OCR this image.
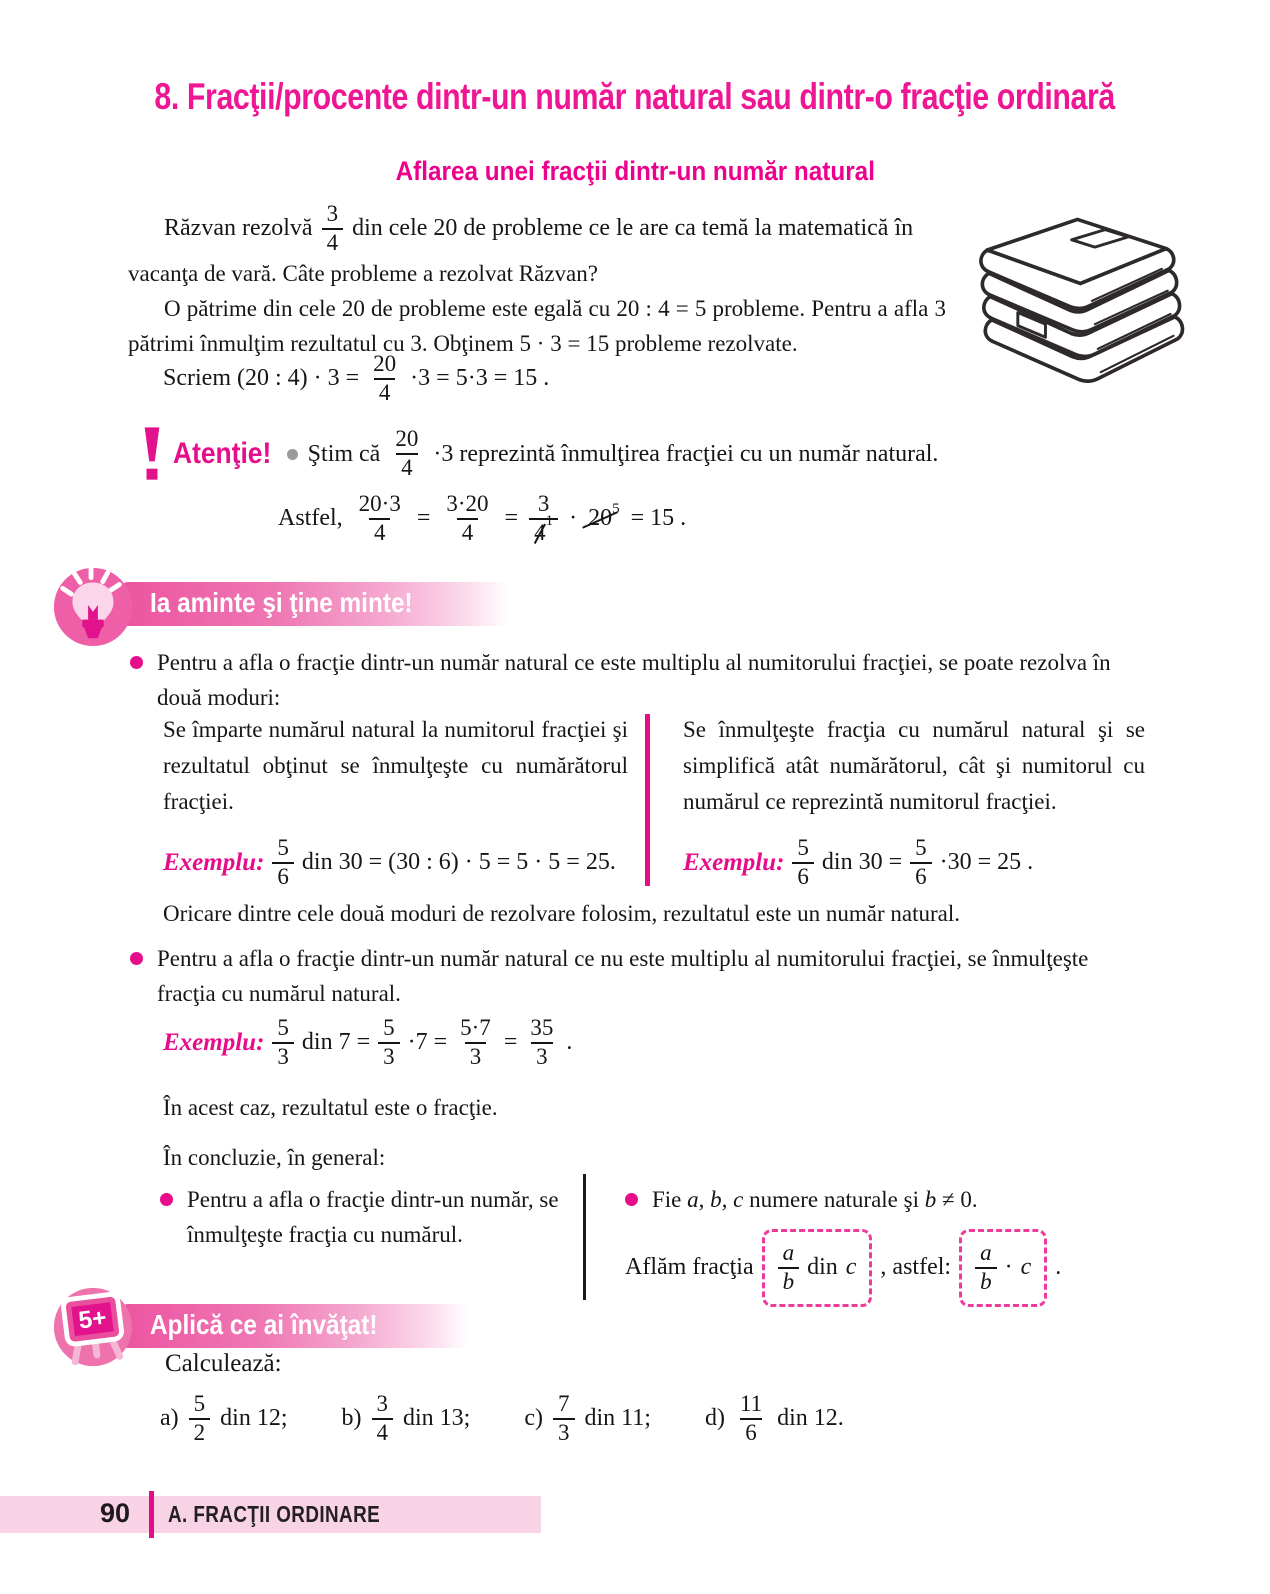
8. Fracţii/procente dintr-un număr natural sau dintr-o fracţie ordinară
Aflarea unei fracţii dintr-un număr natural
Răzvan rezolvă $\frac{3}{4}$ din cele 20 de probleme ce le are ca temă la matematică în
vacanţa de vară. Câte probleme a rezolvat Răzvan?
O pătrime din cele 20 de probleme este egală cu 20 : 4 = 5 probleme. Pentru a afla 3 pătrimi înmulţim rezultatul cu 3. Obţinem 5 · 3 = 15 probleme rezolvate.
Scriem (20 : $4) \cdot 3 = \frac{20}{4} \cdot 3 = 5\cdot 3 = 15$ .
Atenţie! Ştim că $\frac{20}{4} \cdot 3$ reprezintă înmulţirea fracţiei cu un număr natural.
Astfel, $\frac{20\cdot 3}{4} = \frac{3\cdot 20}{4} = \frac{3}{4 1} \cdot 20^5 = 15$ .
Ia aminte şi ţine minte!
Pentru a afla o fracţie dintr-un număr natural ce este multiplu al numitorului fracţiei, se poate rezolva în două moduri:
Se împarte numărul natural la numitorul fracţiei şi rezultatul obţinut se înmulţeşte cu numărătorul fracţiei.
Exemplu: $\frac{5}{6}$ din 30 = (30 : 6) · 5 = 5 · 5 = 25.
Se înmulţeşte fracţia cu numărul natural şi se simplifică atât numărătorul, cât şi numitorul cu numărul ce reprezintă numitorul fracţiei.
Exemplu: $\frac{5}{6}$ din $30 = \frac{5}{6} \cdot 30 = 25$ .
Oricare dintre cele două moduri de rezolvare folosim, rezultatul este un număr natural.
Pentru a afla o fracţie dintr-un număr natural ce nu este multiplu al numitorului fracţiei, se înmulţeşte fracţia cu numărul natural.
Exemplu: $\frac{5}{3}$ din $7 = \frac{5}{3} \cdot 7 = \frac{5\cdot 7}{3} = \frac{35}{3}$ .
În acest caz, rezultatul este o fracţie.
În concluzie, în general:
Pentru a afla o fracţie dintr-un număr, se înmulţeşte fracţia cu numărul.
Fie a, b, c numere naturale şi b ≠ 0.
Aflăm fracţia $\frac{a}{b}$ din c , astfel: $\frac{a}{b} \cdot c$ .
5+ Aplică ce ai învăţat!
Calculează:
$a) \frac{5}{2}$ din 12; $b) \frac{3}{4}$ din 13; $c) \frac{7}{3}$ din 11; $d) \frac{11}{6}$ din 12.
90 A. FRACŢII ORDINARE
